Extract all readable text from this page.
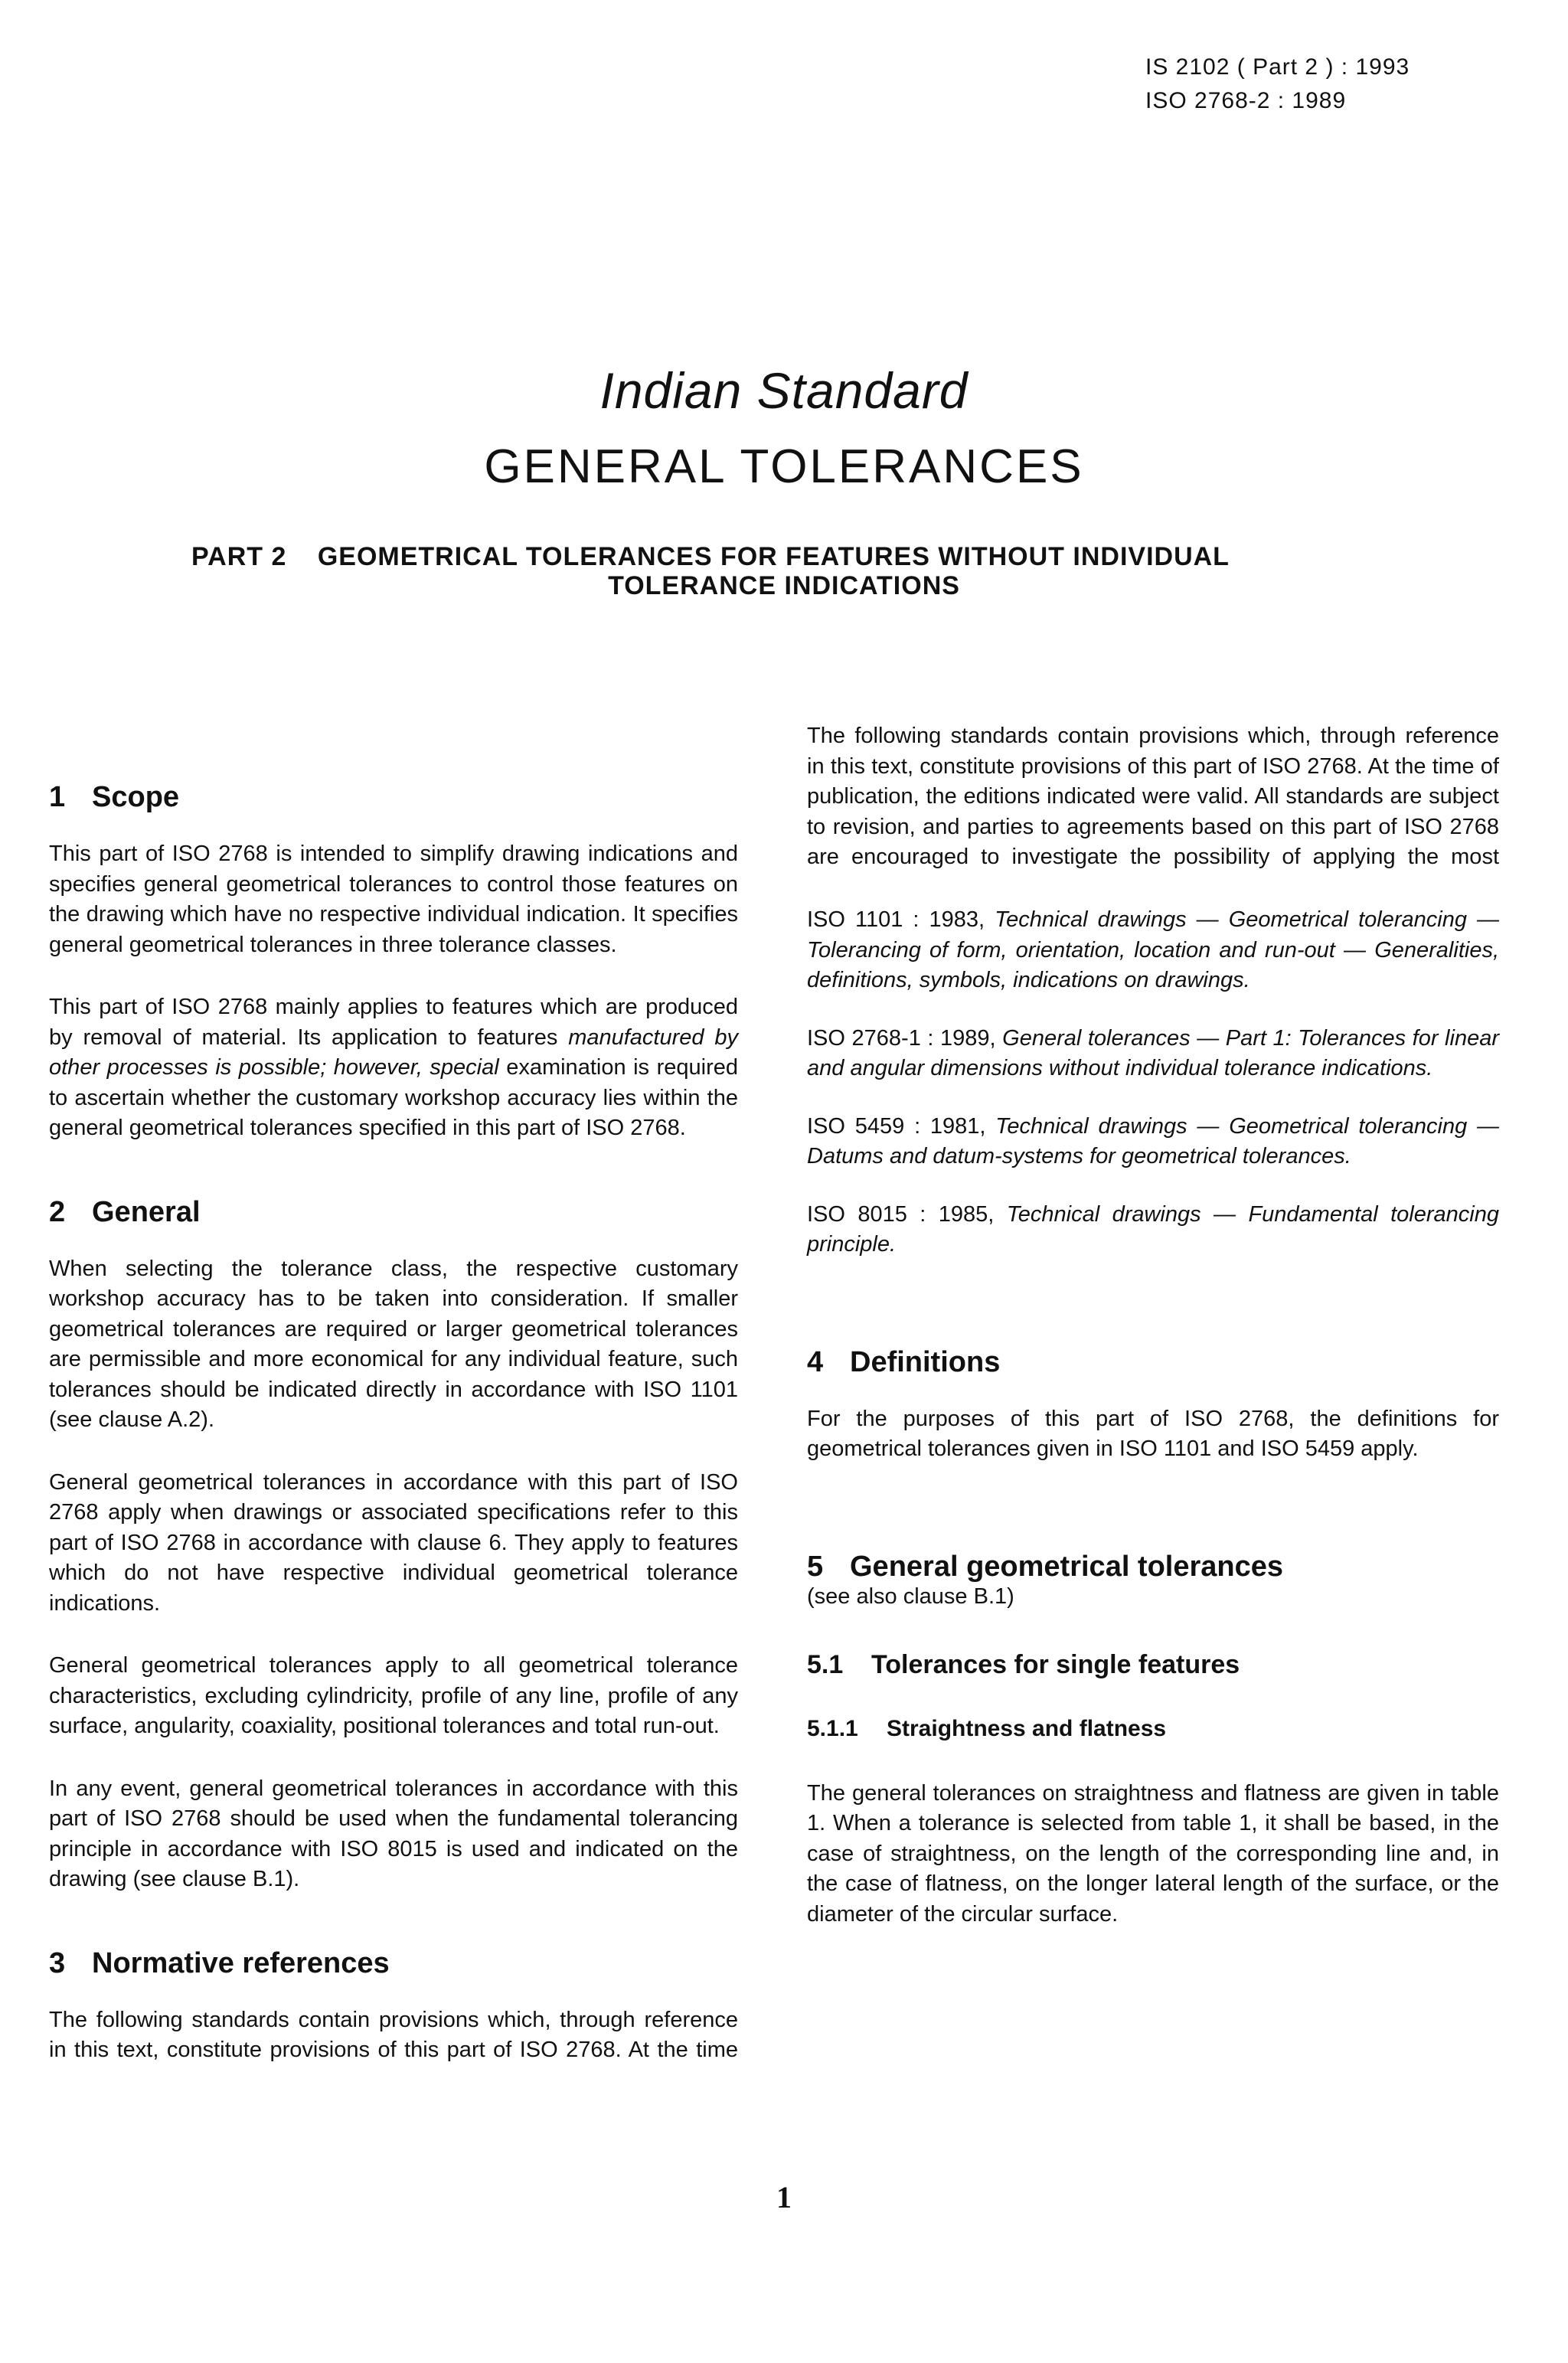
IS 2102 ( Part 2 ) : 1993
ISO 2768-2 : 1989
Indian Standard
GENERAL TOLERANCES
PART 2 GEOMETRICAL TOLERANCES FOR FEATURES WITHOUT INDIVIDUAL
TOLERANCE INDICATIONS
1 Scope

This part of ISO 2768 is intended to simplify drawing indications and specifies general geometrical tolerances to control those features on the drawing which have no respective individual indication. It specifies general geometrical tolerances in three tolerance classes.

This part of ISO 2768 mainly applies to features which are produced by removal of material. Its application to features manufactured by other processes is possible; however, special examination is required to ascertain whether the customary workshop accuracy lies within the general geometrical tolerances specified in this part of ISO 2768.

2 General

When selecting the tolerance class, the respective customary workshop accuracy has to be taken into consideration. If smaller geometrical tolerances are required or larger geometrical tolerances are permissible and more economical for any individual feature, such tolerances should be indicated directly in accordance with ISO 1101 (see clause A.2).

General geometrical tolerances in accordance with this part of ISO 2768 apply when drawings or associated specifications refer to this part of ISO 2768 in accordance with clause 6. They apply to features which do not have respective individual geometrical tolerance indications.

General geometrical tolerances apply to all geometrical tolerance characteristics, excluding cylindricity, profile of any line, profile of any surface, angularity, coaxiality, positional tolerances and total run-out.

In any event, general geometrical tolerances in accordance with this part of ISO 2768 should be used when the fundamental tolerancing principle in accordance with ISO 8015 is used and indicated on the drawing (see clause B.1).

3 Normative references

The following standards contain provisions which, through reference in this text, constitute provisions of this part of ISO 2768. At the time

The following standards contain provisions which, through reference in this text, constitute provisions of this part of ISO 2768. At the time of publication, the editions indicated were valid. All standards are subject to revision, and parties to agreements based on this part of ISO 2768 are encouraged to investigate the possibility of applying the most

ISO 1101 : 1983, Technical drawings — Geometrical tolerancing — Tolerancing of form, orientation, location and run-out — Generalities, definitions, symbols, indications on drawings.

ISO 2768-1 : 1989, General tolerances — Part 1: Tolerances for linear and angular dimensions without individual tolerance indications.

ISO 5459 : 1981, Technical drawings — Geometrical tolerancing — Datums and datum-systems for geometrical tolerances.

ISO 8015 : 1985, Technical drawings — Fundamental tolerancing principle.

4 Definitions

For the purposes of this part of ISO 2768, the definitions for geometrical tolerances given in ISO 1101 and ISO 5459 apply.

5 General geometrical tolerances
(see also clause B.1)
5.1 Tolerances for single features
5.1.1 Straightness and flatness

The general tolerances on straightness and flatness are given in table 1. When a tolerance is selected from table 1, it shall be based, in the case of straightness, on the length of the corresponding line and, in the case of flatness, on the longer lateral length of the surface, or the diameter of the circular surface.

1
